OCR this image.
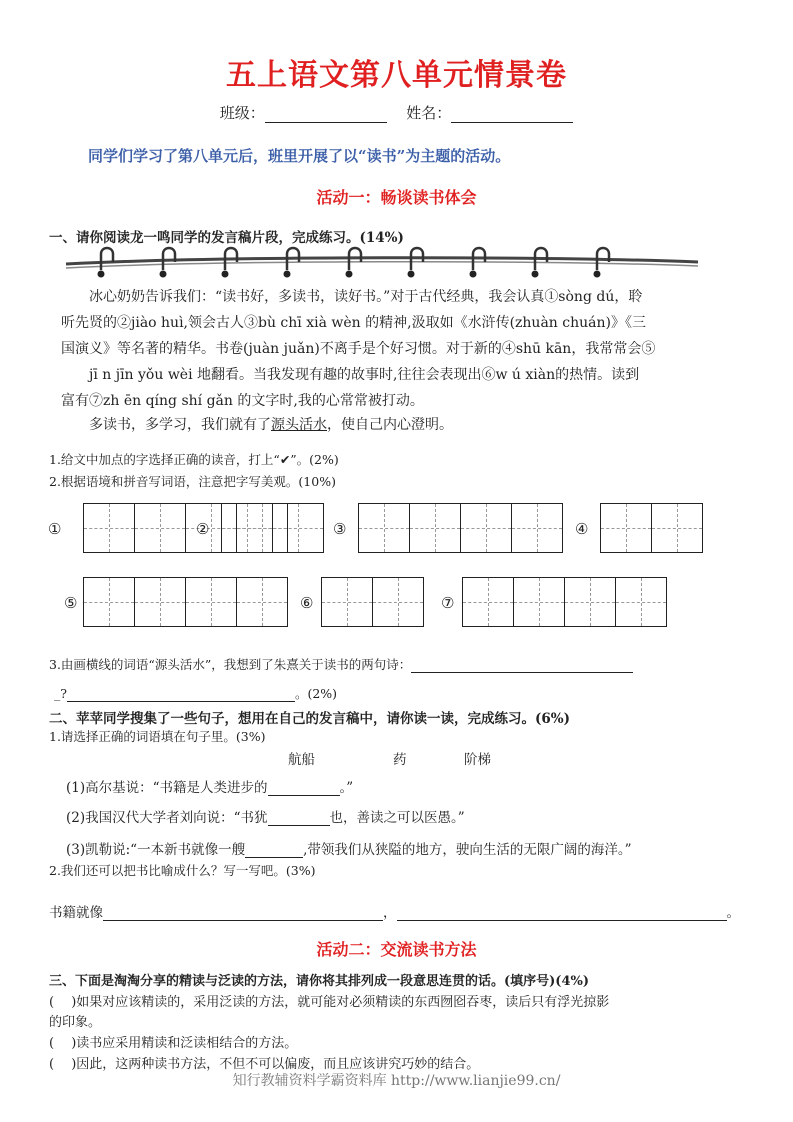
五上语文第八单元情景卷
班级：	姓名：
同学们学习了第八单元后，班里开展了以“读书”为主题的活动。
活动一：畅谈读书体会
一、请你阅读龙一鸣同学的发言稿片段，完成练习。(14%)
冰心奶奶告诉我们：“读书好，多读书，读好书。”对于古代经典，我会认真①sòng dú，聆
听先贤的②jiào huì,领会古人③bù chī xià wèn 的精神,汲取如《水浒传(zhuàn chuán)》《三
国演义》等名著的精华。书卷(juàn juǎn)不离手是个好习惯。对于新的④shū kān，我常常会⑤
jī n jīn yǒu wèi 地翻看。当我发现有趣的故事时,往往会表现出⑥w ú xiàn的热情。读到
富有⑦zh ēn qíng shí gǎn 的文字时,我的心常常被打动。
多读书，多学习，我们就有了源头活水，使自己内心澄明。
1.给文中加点的字选择正确的读音，打上“✔”。(2%)
2.根据语境和拼音写词语，注意把字写美观。(10%)
①	②	③	④
⑤	⑥	⑦
3.由画横线的词语“源头活水”，我想到了朱熹关于读书的两句诗：
_?	。(2%)
二、苹苹同学搜集了一些句子，想用在自己的发言稿中，请你读一读，完成练习。(6%)
1.请选择正确的词语填在句子里。(3%)
航船	药	阶梯
(1)高尔基说：“书籍是人类进步的	。”
(2)我国汉代大学者刘向说：“书犹	也，善读之可以医愚。”
(3)凯勒说:“一本新书就像一艘	,带领我们从狭隘的地方，驶向生活的无限广阔的海洋。”
2.我们还可以把书比喻成什么？写一写吧。(3%)
书籍就像	，	。
活动二：交流读书方法
三、下面是淘淘分享的精读与泛读的方法，请你将其排列成一段意思连贯的话。(填序号)(4%)
(　 )如果对应该精读的，采用泛读的方法，就可能对必须精读的东西囫囵吞枣，读后只有浮光掠影
的印象。
(　 )读书应采用精读和泛读相结合的方法。
(　 )因此，这两种读书方法，不但不可以偏废，而且应该讲究巧妙的结合。
知行教辅资料学霸资料库 http://www.lianjie99.cn/
